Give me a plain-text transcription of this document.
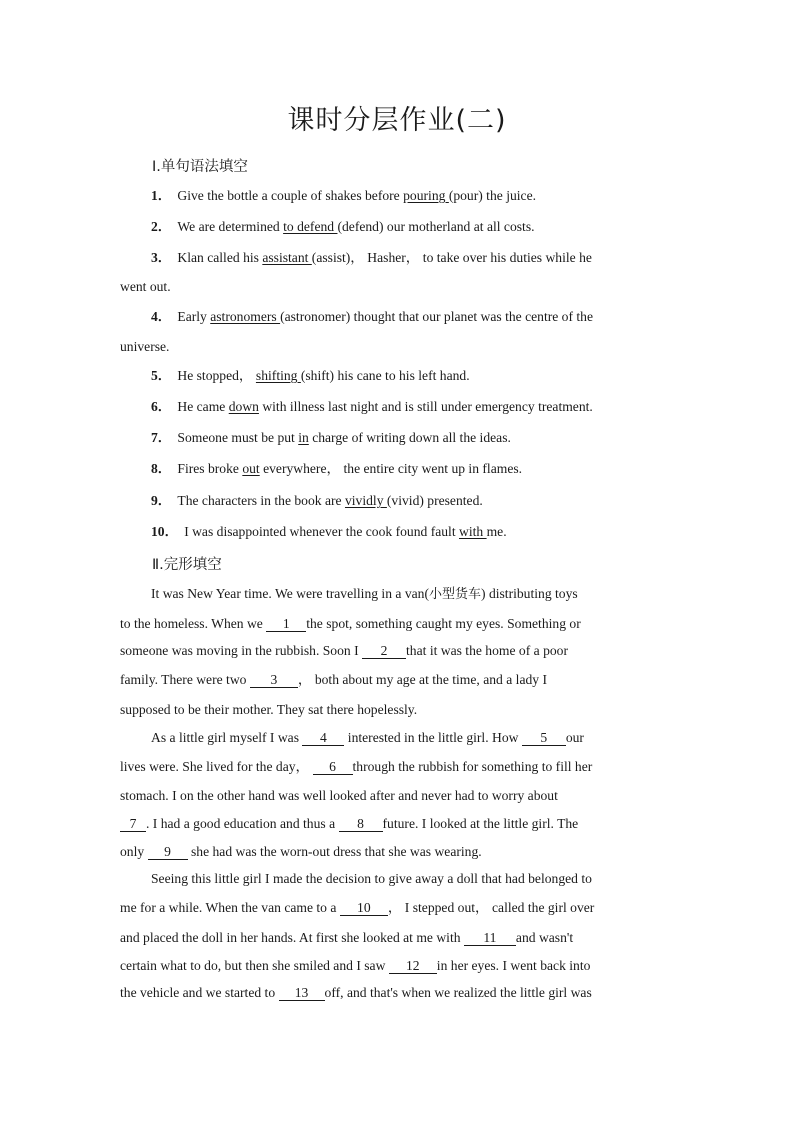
课时分层作业(二)
Ⅰ.单句语法填空
1． Give the bottle a couple of shakes before pouring (pour) the juice.
2． We are determined to defend (defend) our motherland at all costs.
3． Klan called his assistant (assist)， Hasher， to take over his duties while he
went out.
4． Early astronomers (astronomer) thought that our planet was the centre of the
universe.
5． He stopped， shifting (shift) his cane to his left hand.
6． He came down with illness last night and is still under emergency treatment.
7． Someone must be put in charge of writing down all the ideas.
8． Fires broke out everywhere， the entire city went up in flames.
9． The characters in the book are vividly (vivid) presented.
10． I was disappointed whenever the cook found fault with me.
Ⅱ.完形填空
It was New Year time. We were travelling in a van(小型货车) distributing toys
to the homeless. When we 1 the spot, something caught my eyes. Something or
someone was moving in the rubbish. Soon I 2 that it was the home of a poor
family. There were two 3 ， both about my age at the time, and a lady I
supposed to be their mother. They sat there hopelessly.
As a little girl myself I was 4 interested in the little girl. How 5 our
lives were. She lived for the day， 6 through the rubbish for something to fill her
stomach. I on the other hand was well looked after and never had to worry about
7 . I had a good education and thus a 8 future. I looked at the little girl. The
only 9 she had was the worn-out dress that she was wearing.
Seeing this little girl I made the decision to give away a doll that had belonged to
me for a while. When the van came to a 10 ， I stepped out， called the girl over
and placed the doll in her hands. At first she looked at me with 11 and wasn't
certain what to do, but then she smiled and I saw 12 in her eyes. I went back into
the vehicle and we started to 13 off, and that's when we realized the little girl was
